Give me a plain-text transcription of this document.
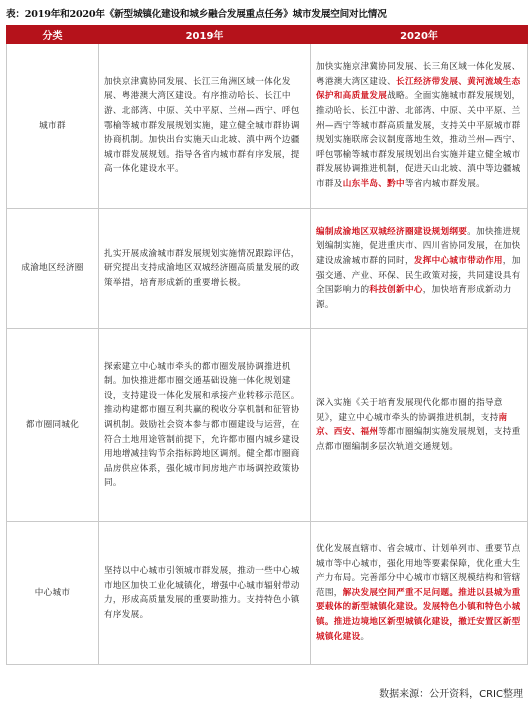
表：2019年和2020年《新型城镇化建设和城乡融合发展重点任务》城市发展空间对比情况
分类	2019年	2020年
城市群	加快京津冀协同发展、长江三角洲区域一体化发展、粤港澳大湾区建设。有序推动哈长、长江中游、北部湾、中原、关中平原、兰州—西宁、呼包鄂榆等城市群发展规划实施，建立健全城市群协调协商机制。加快出台实施天山北坡、滇中两个边疆城市群发展规划。指导各省内城市群有序发展，提高一体化建设水平。	加快实施京津冀协同发展、长三角区域一体化发展、粤港澳大湾区建设、长江经济带发展、黄河流域生态保护和高质量发展战略。全面实施城市群发展规划，推动哈长、长江中游、北部湾、中原、关中平原、兰州—西宁等城市群高质量发展，支持关中平原城市群规划实施联席会议制度落地生效，推动兰州—西宁、呼包鄂榆等城市群发展规划出台实施并建立健全城市群发展协调推进机制，促进天山北坡、滇中等边疆城市群及山东半岛、黔中等省内城市群发展。
成渝地区经济圈	扎实开展成渝城市群发展规划实施情况跟踪评估，研究提出支持成渝地区双城经济圈高质量发展的政策举措，培育形成新的重要增长极。	编制成渝地区双城经济圈建设规划纲要。加快推进规划编制实施，促进重庆市、四川省协同发展，在加快建设成渝城市群的同时，发挥中心城市带动作用，加强交通、产业、环保、民生政策对接，共同建设具有全国影响力的科技创新中心，加快培育形成新动力源。
都市圈同城化	探索建立中心城市牵头的都市圈发展协调推进机制。加快推进都市圈交通基础设施一体化规划建设，支持建设一体化发展和承接产业转移示范区。推动构建都市圈互利共赢的税收分享机制和征管协调机制。鼓励社会资本参与都市圈建设与运营，在符合土地用途管制前提下，允许都市圈内城乡建设用地增减挂钩节余指标跨地区调剂。健全都市圈商品房供应体系，强化城市间房地产市场调控政策协同。	深入实施《关于培育发展现代化都市圈的指导意见》，建立中心城市牵头的协调推进机制，支持南京、西安、福州等都市圈编制实施发展规划，支持重点都市圈编制多层次轨道交通规划。
中心城市	坚持以中心城市引领城市群发展，推动一些中心城市地区加快工业化城镇化，增强中心城市辐射带动力，形成高质量发展的重要助推力。支持特色小镇有序发展。	优化发展直辖市、省会城市、计划单列市、重要节点城市等中心城市，强化用地等要素保障，优化重大生产力布局。完善部分中心城市市辖区规模结构和管辖范围，解决发展空间严重不足问题。推进以县城为重要载体的新型城镇化建设。发展特色小镇和特色小城镇。推进边境地区新型城镇化建设，撤迁安置区新型城镇化建设。
数据来源：公开资料，CRIC整理
